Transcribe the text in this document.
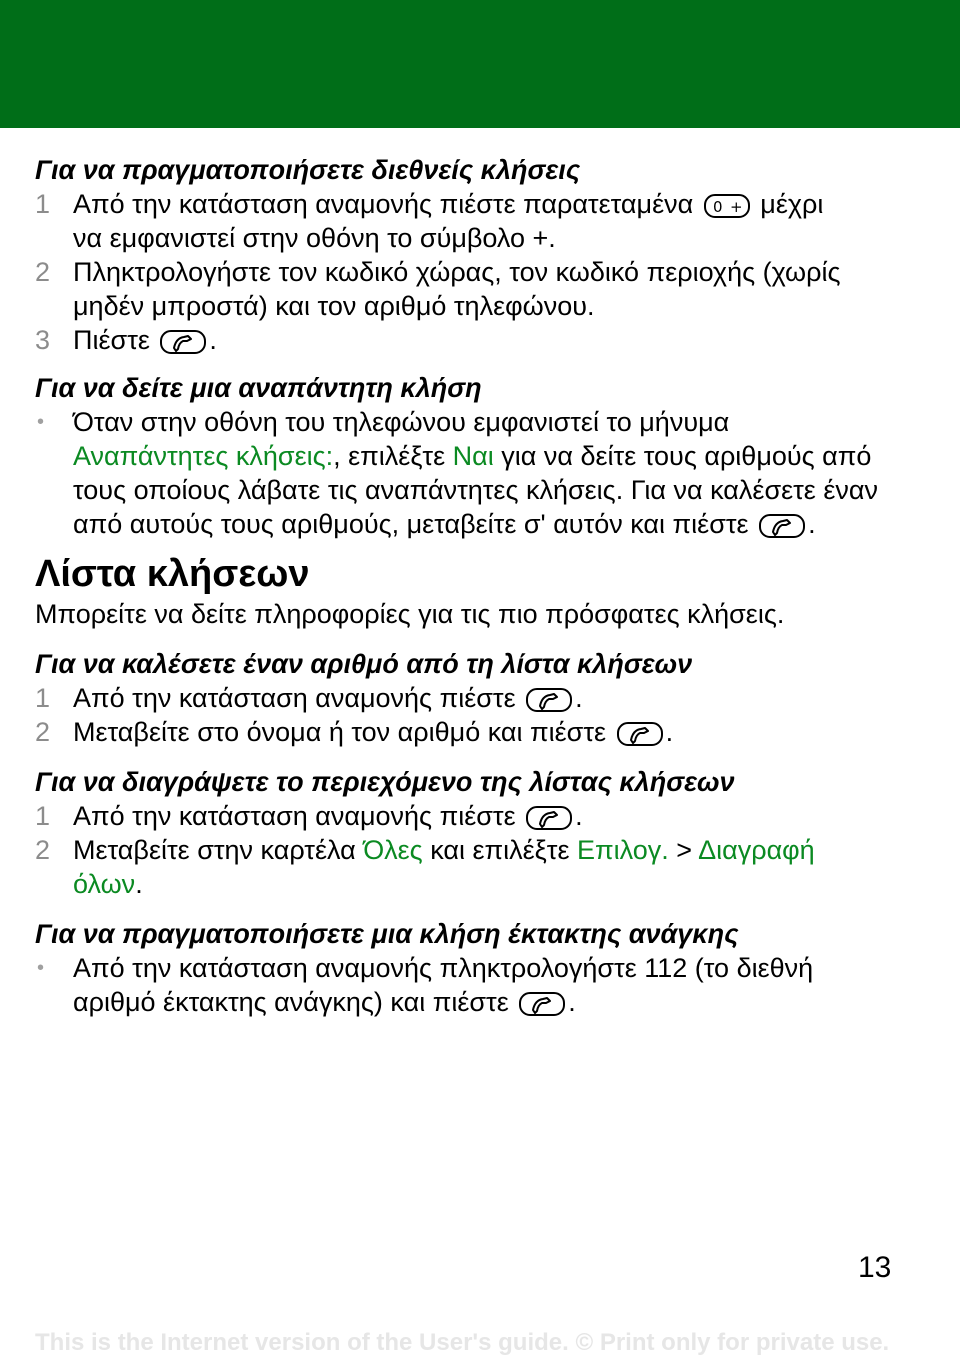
Για να πραγματοποιήσετε διεθνείς κλήσεις

1 Από την κατάσταση αναμονής πιέστε παρατεταμένα 0 + μέχρι
να εμφανιστεί στην οθόνη το σύμβολο +.

2 Πληκτρολογήστε τον κωδικό χώρας, τον κωδικό περιοχής (χωρίς
μηδέν μπροστά) και τον αριθμό τηλεφώνου.

3 Πιέστε .

Για να δείτε μια αναπάντητη κλήση

• Όταν στην οθόνη του τηλεφώνου εμφανιστεί το μήνυμα
Αναπάντητες κλήσεις:, επιλέξτε Ναι για να δείτε τους αριθμούς από
τους οποίους λάβατε τις αναπάντητες κλήσεις. Για να καλέσετε έναν
από αυτούς τους αριθμούς, μεταβείτε σ' αυτόν και πιέστε .

Λίστα κλήσεων

Μπορείτε να δείτε πληροφορίες για τις πιο πρόσφατες κλήσεις.

Για να καλέσετε έναν αριθμό από τη λίστα κλήσεων

1 Από την κατάσταση αναμονής πιέστε .

2 Μεταβείτε στο όνομα ή τον αριθμό και πιέστε .

Για να διαγράψετε το περιεχόμενο της λίστας κλήσεων

1 Από την κατάσταση αναμονής πιέστε .

2 Μεταβείτε στην καρτέλα Όλες και επιλέξτε Επιλογ. > Διαγραφή
όλων.

Για να πραγματοποιήσετε μια κλήση έκτακτης ανάγκης

• Από την κατάσταση αναμονής πληκτρολογήστε 112 (το διεθνή
αριθμό έκτακτης ανάγκης) και πιέστε .

13
This is the Internet version of the User's guide. © Print only for private use.
